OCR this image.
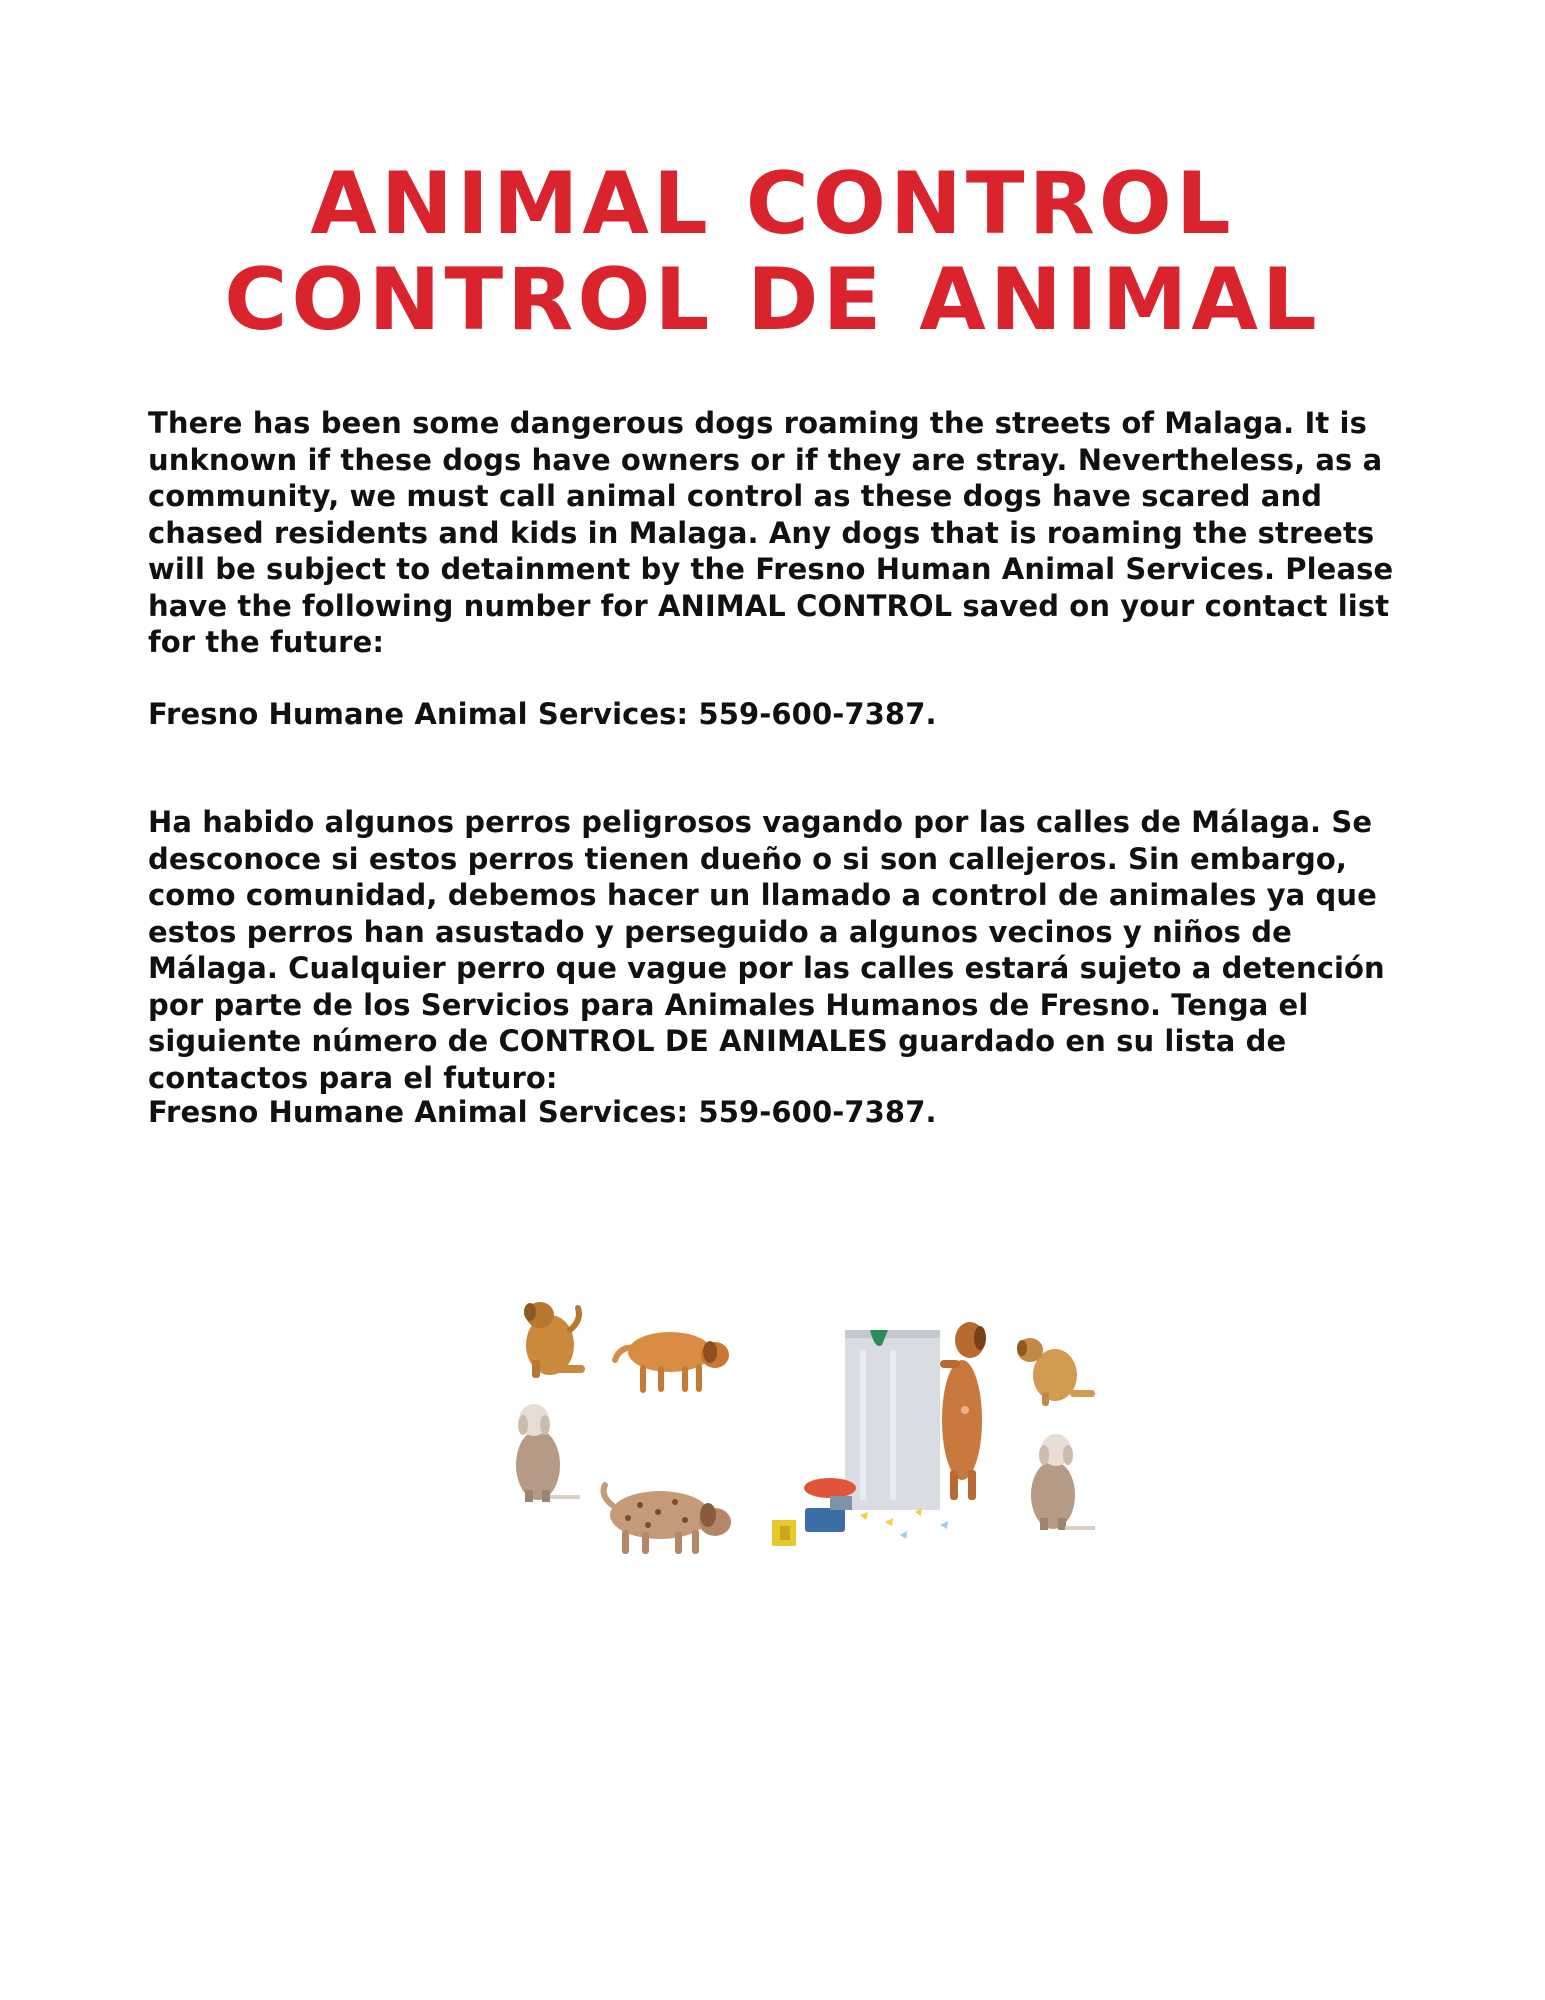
ANIMAL CONTROL
CONTROL DE ANIMAL

There has been some dangerous dogs roaming the streets of Malaga. It is unknown if these dogs have owners or if they are stray. Nevertheless, as a community, we must call animal control as these dogs have scared and chased residents and kids in Malaga. Any dogs that is roaming the streets will be subject to detainment by the Fresno Human Animal Services. Please have the following number for ANIMAL CONTROL saved on your contact list for the future:

Fresno Humane Animal Services: 559-600-7387.

Ha habido algunos perros peligrosos vagando por las calles de Málaga. Se desconoce si estos perros tienen dueño o si son callejeros. Sin embargo, como comunidad, debemos hacer un llamado a control de animales ya que estos perros han asustado y perseguido a algunos vecinos y niños de Málaga. Cualquier perro que vague por las calles estará sujeto a detención por parte de los Servicios para Animales Humanos de Fresno. Tenga el siguiente número de CONTROL DE ANIMALES guardado en su lista de contactos para el futuro:

Fresno Humane Animal Services: 559-600-7387.
